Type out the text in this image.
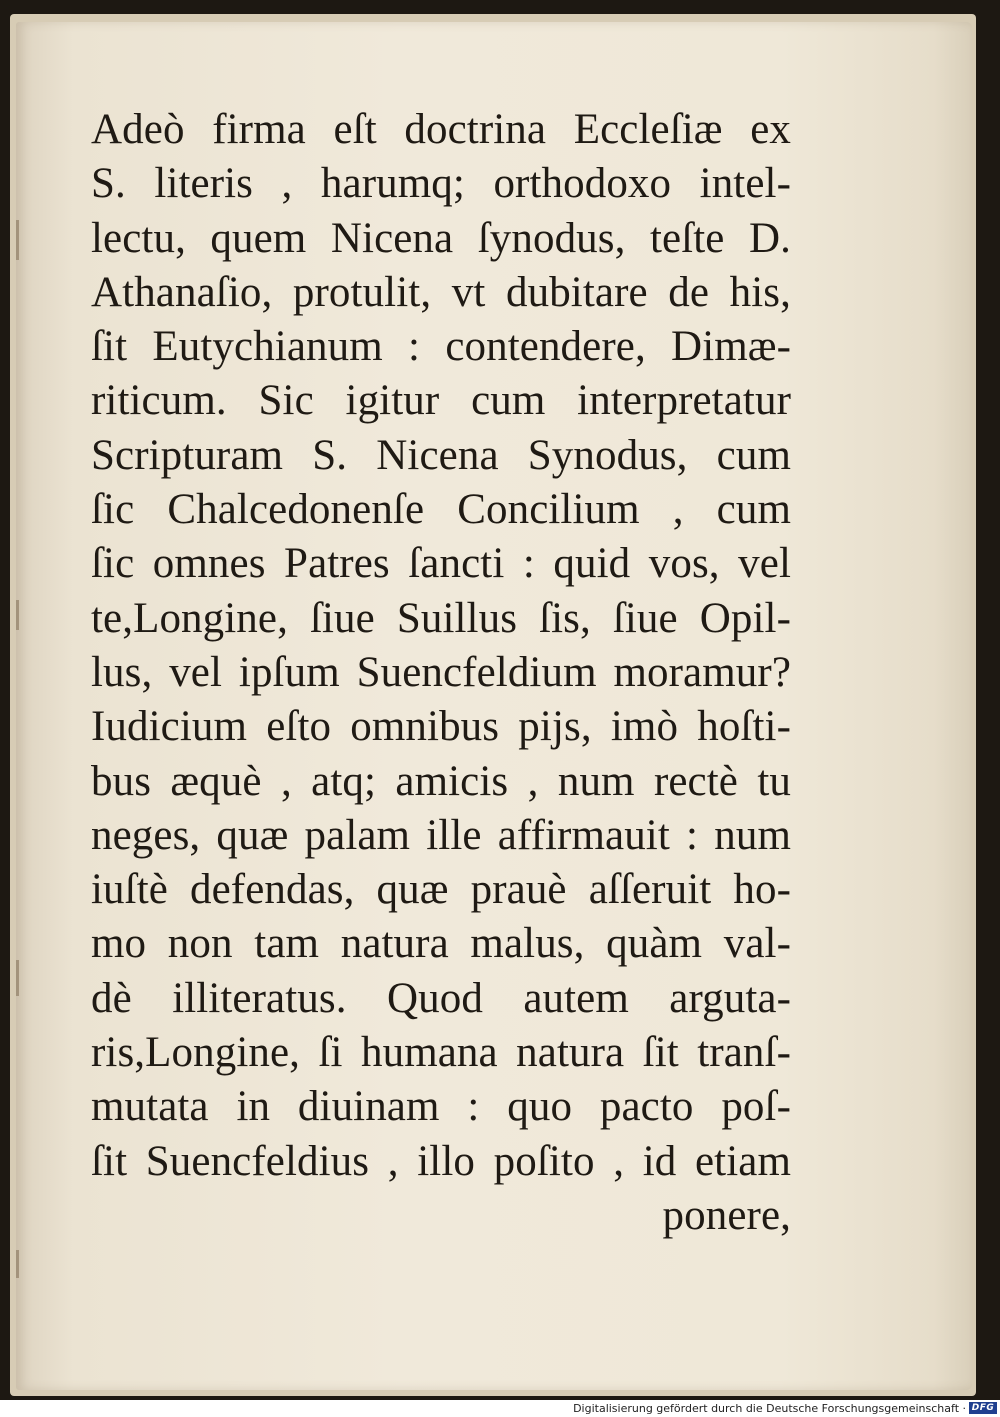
Adeò firma eſt doctrina Eccleſiæ ex
S. literis , harumq; orthodoxo intel-
lectu, quem Nicena ſynodus, teſte D.
Athanaſio, protulit, vt dubitare de his,
ſit Eutychianum : contendere, Dimæ-
riticum. Sic igitur cum interpretatur
Scripturam S. Nicena Synodus, cum
ſic Chalcedonenſe Concilium , cum
ſic omnes Patres ſancti : quid vos, vel
te,Longine, ſiue Suillus ſis, ſiue Opil-
lus, vel ipſum Suencfeldium moramur?
Iudicium eſto omnibus pijs, imò hoſti-
bus æquè , atq; amicis , num rectè tu
neges, quæ palam ille affirmauit : num
iuſtè defendas, quæ prauè aſſeruit ho-
mo non tam natura malus, quàm val-
dè illiteratus. Quod autem arguta-
ris,Longine, ſi humana natura ſit tranſ-
mutata in diuinam : quo pacto poſ-
ſit Suencfeldius , illo poſito , id etiam
ponere,
Digitalisierung gefördert durch die Deutsche Forschungsgemeinschaft · DFG
